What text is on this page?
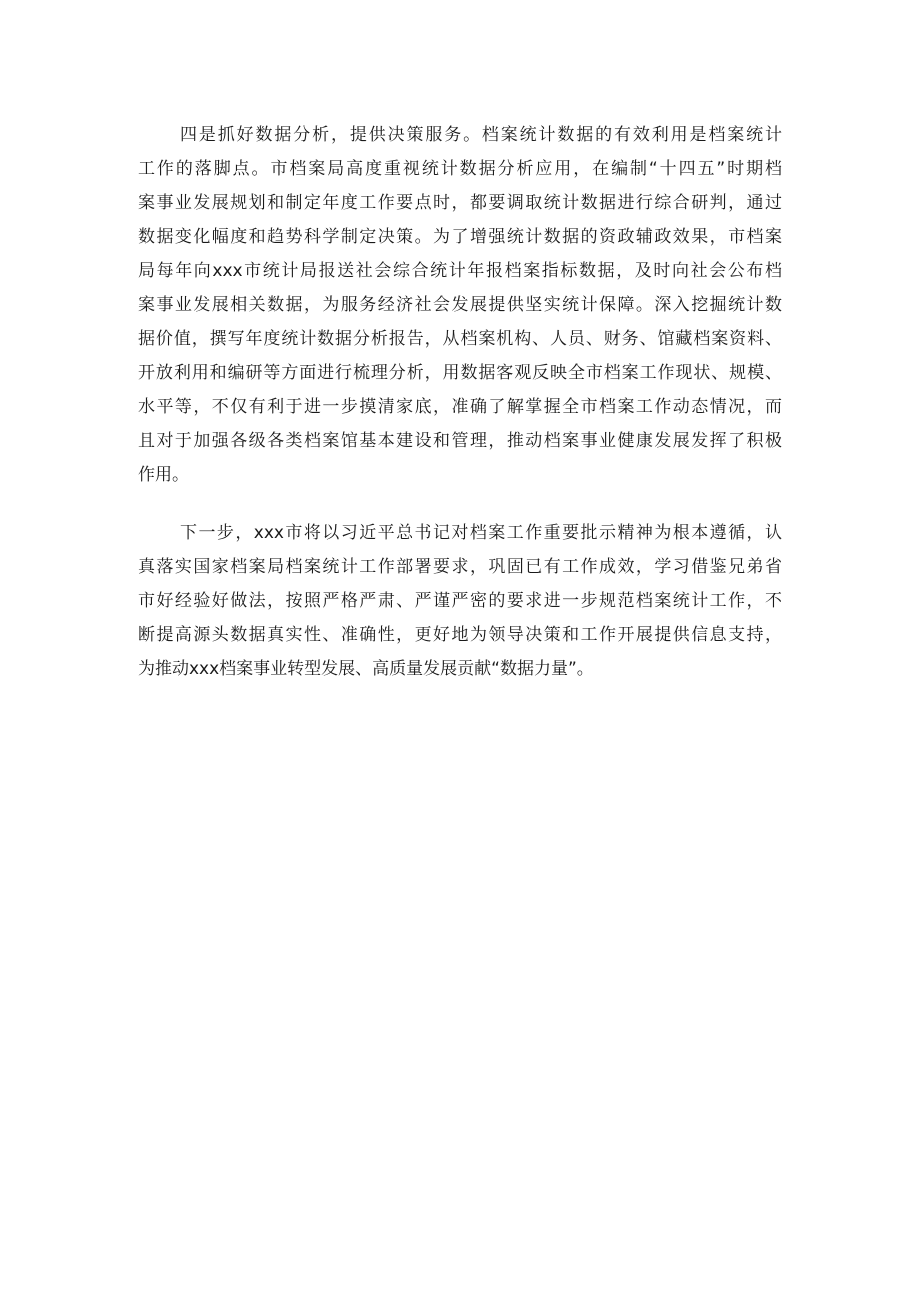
四是抓好数据分析，提供决策服务。档案统计数据的有效利用是档案统计
工作的落脚点。市档案局高度重视统计数据分析应用，在编制“十四五”时期档
案事业发展规划和制定年度工作要点时，都要调取统计数据进行综合研判，通过
数据变化幅度和趋势科学制定决策。为了增强统计数据的资政辅政效果，市档案
局每年向xxx市统计局报送社会综合统计年报档案指标数据，及时向社会公布档
案事业发展相关数据，为服务经济社会发展提供坚实统计保障。深入挖掘统计数
据价值，撰写年度统计数据分析报告，从档案机构、人员、财务、馆藏档案资料、
开放利用和编研等方面进行梳理分析，用数据客观反映全市档案工作现状、规模、
水平等，不仅有利于进一步摸清家底，准确了解掌握全市档案工作动态情况，而
且对于加强各级各类档案馆基本建设和管理，推动档案事业健康发展发挥了积极
作用。
下一步，xxx市将以习近平总书记对档案工作重要批示精神为根本遵循，认
真落实国家档案局档案统计工作部署要求，巩固已有工作成效，学习借鉴兄弟省
市好经验好做法，按照严格严肃、严谨严密的要求进一步规范档案统计工作，不
断提高源头数据真实性、准确性，更好地为领导决策和工作开展提供信息支持，
为推动xxx档案事业转型发展、高质量发展贡献“数据力量”。
